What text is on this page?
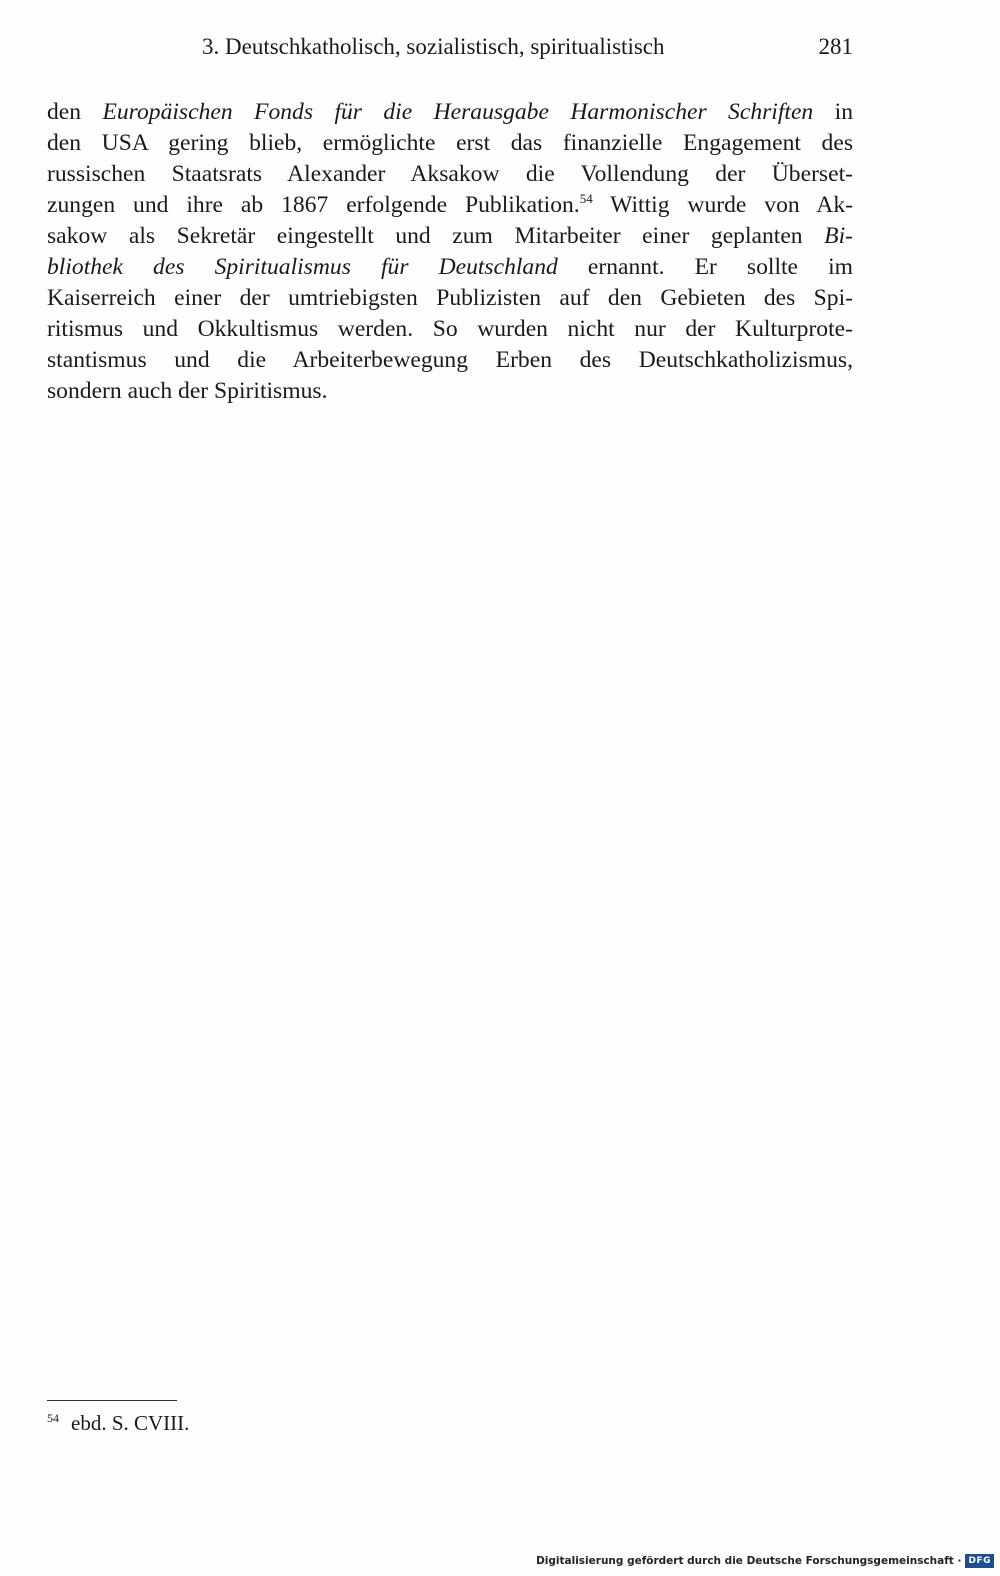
3. Deutschkatholisch, sozialistisch, spiritualistisch	281
den Europäischen Fonds für die Herausgabe Harmonischer Schriften in
den USA gering blieb, ermöglichte erst das finanzielle Engagement des
russischen Staatsrats Alexander Aksakow die Vollendung der Überset-
zungen und ihre ab 1867 erfolgende Publikation.$^{54}$ Wittig wurde von Ak-
sakow als Sekretär eingestellt und zum Mitarbeiter einer geplanten Bi-
bliothek des Spiritualismus für Deutschland ernannt. Er sollte im
Kaiserreich einer der umtriebigsten Publizisten auf den Gebieten des Spi-
ritismus und Okkultismus werden. So wurden nicht nur der Kulturprote-
stantismus und die Arbeiterbewegung Erben des Deutschkatholizismus,
sondern auch der Spiritismus.
$^{54}$ ebd. S. CVIII.
Digitalisierung gefördert durch die Deutsche Forschungsgemeinschaft · DFG
